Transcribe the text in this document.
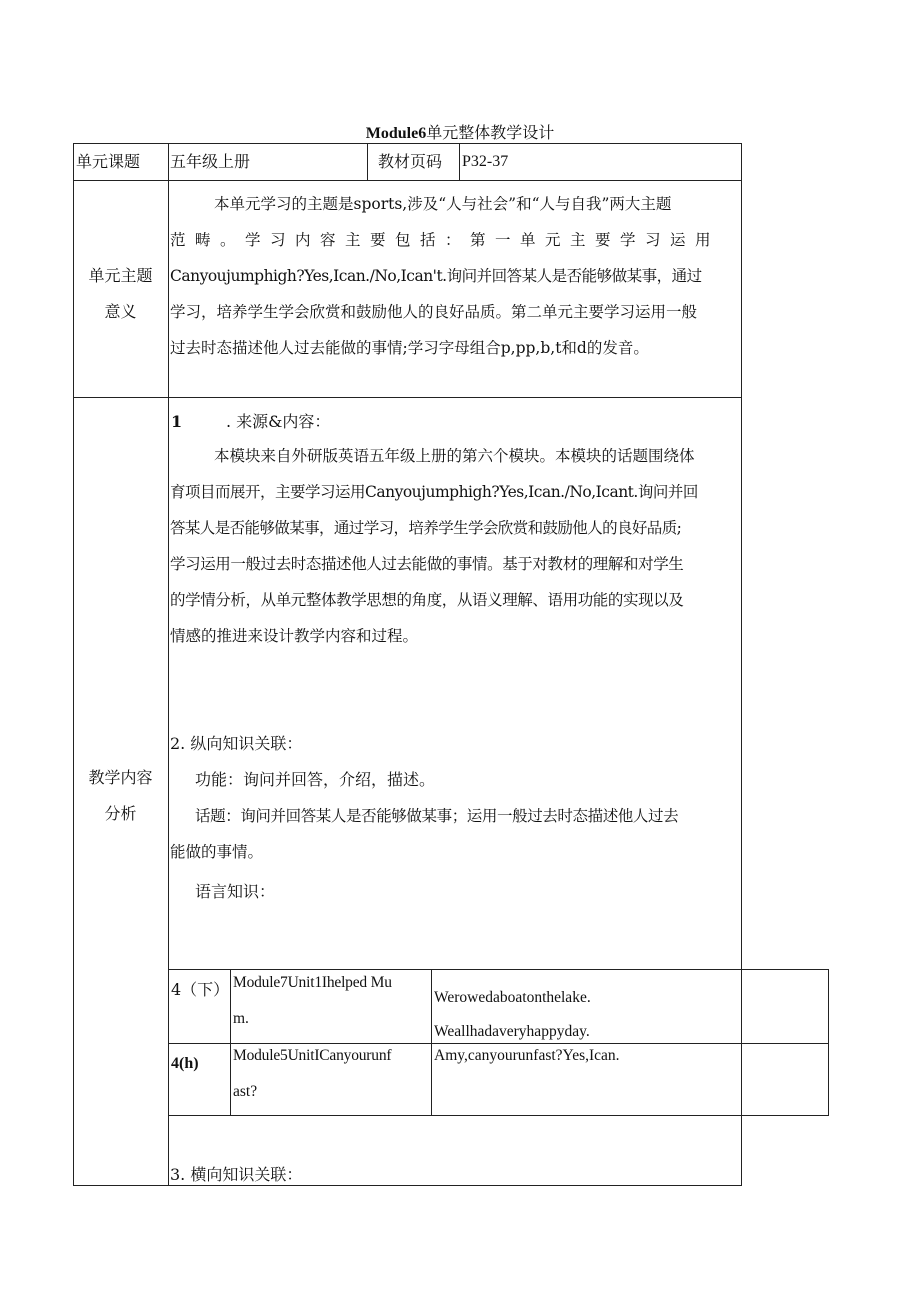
Module6单元整体教学设计
单元课题 五年级上册	教材页码 P32-37
单元主题
意义
本单元学习的主题是sports,涉及“人与社会”和“人与自我”两大主题
范畴。学习内容主要包括：第一单元主要学习运用
Canyoujumphigh?Yes,Ican./No,Ican't.询问并回答某人是否能够做某事，通过
学习，培养学生学会欣赏和鼓励他人的良好品质。第二单元主要学习运用一般
过去时态描述他人过去能做的事情;学习字母组合p,pp,b,t和d的发音。
教学内容
分析
1	. 来源&内容：
本模块来自外研版英语五年级上册的第六个模块。本模块的话题围绕体
育项目而展开，主要学习运用Canyoujumphigh?Yes,Ican./No,Icant.询问并回
答某人是否能够做某事，通过学习，培养学生学会欣赏和鼓励他人的良好品质;
学习运用一般过去时态描述他人过去能做的事情。基于对教材的理解和对学生
的学情分析，从单元整体教学思想的角度，从语义理解、语用功能的实现以及
情感的推进来设计教学内容和过程。
2. 纵向知识关联：
功能：询问并回答，介绍，描述。
话题：询问并回答某人是否能够做某事；运用一般过去时态描述他人过去
能做的事情。
语言知识：
4（下） Module7Unit1Ihelped Mu
m.
Werowedaboatonthelake.
Weallhadaveryhappyday.
4(h) Module5UnitICanyourunf
ast?
Amy,canyourunfast?Yes,Ican.
3. 横向知识关联：
